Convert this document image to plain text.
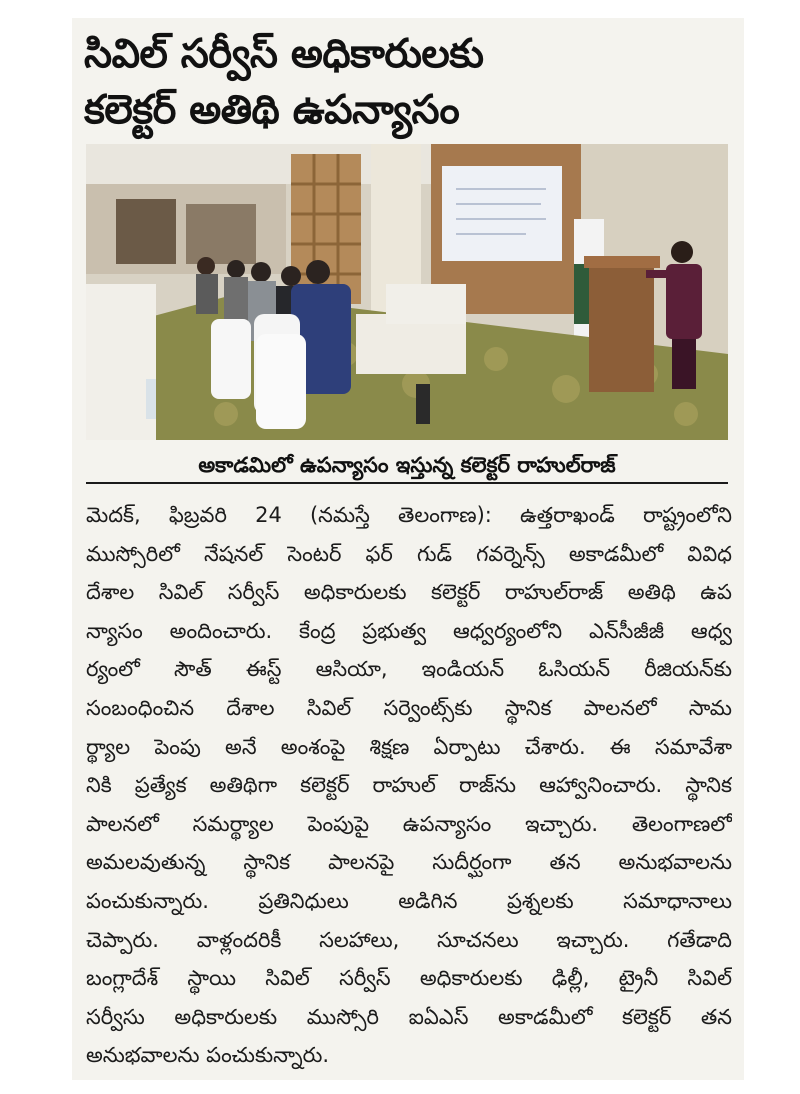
సివిల్ సర్వీస్ అధికారులకు
కలెక్టర్ అతిథి ఉపన్యాసం
అకాడమిలో ఉపన్యాసం ఇస్తున్న కలెక్టర్ రాహుల్‌రాజ్
మెదక్, ఫిబ్రవరి 24 (నమస్తే తెలంగాణ): ఉత్తరాఖండ్ రాష్ట్రంలోని
ముస్సోరిలో నేషనల్ సెంటర్ ఫర్ గుడ్ గవర్నెన్స్ అకాడమీలో వివిధ
దేశాల సివిల్ సర్వీస్ అధికారులకు కలెక్టర్ రాహుల్‌రాజ్ అతిథి ఉప
న్యాసం అందించారు. కేంద్ర ప్రభుత్వ ఆధ్వర్యంలోని ఎన్‌సీజీజీ ఆధ్వ
ర్యంలో సౌత్ ఈస్ట్ ఆసియా, ఇండియన్ ఓసియన్ రీజియన్‌కు
సంబంధించిన దేశాల సివిల్ సర్వెంట్స్‌కు స్థానిక పాలనలో సామ
ర్థ్యాల పెంపు అనే అంశంపై శిక్షణ ఏర్పాటు చేశారు. ఈ సమావేశా
నికి ప్రత్యేక అతిథిగా కలెక్టర్ రాహుల్ రాజ్‌ను ఆహ్వానించారు. స్థానిక
పాలనలో సమర్థ్యాల పెంపుపై ఉపన్యాసం ఇచ్చారు. తెలంగాణలో
అమలవుతున్న స్థానిక పాలనపై సుదీర్ఘంగా తన అనుభవాలను
పంచుకున్నారు. ప్రతినిధులు అడిగిన ప్రశ్నలకు సమాధానాలు
చెప్పారు. వాళ్లందరికీ సలహాలు, సూచనలు ఇచ్చారు. గతేడాది
బంగ్లాదేశ్ స్థాయి సివిల్ సర్వీస్ అధికారులకు ఢిల్లీ, ట్రైనీ సివిల్
సర్వీసు అధికారులకు ముస్సోరి ఐఏఎస్ అకాడమీలో కలెక్టర్ తన
అనుభవాలను పంచుకున్నారు.
